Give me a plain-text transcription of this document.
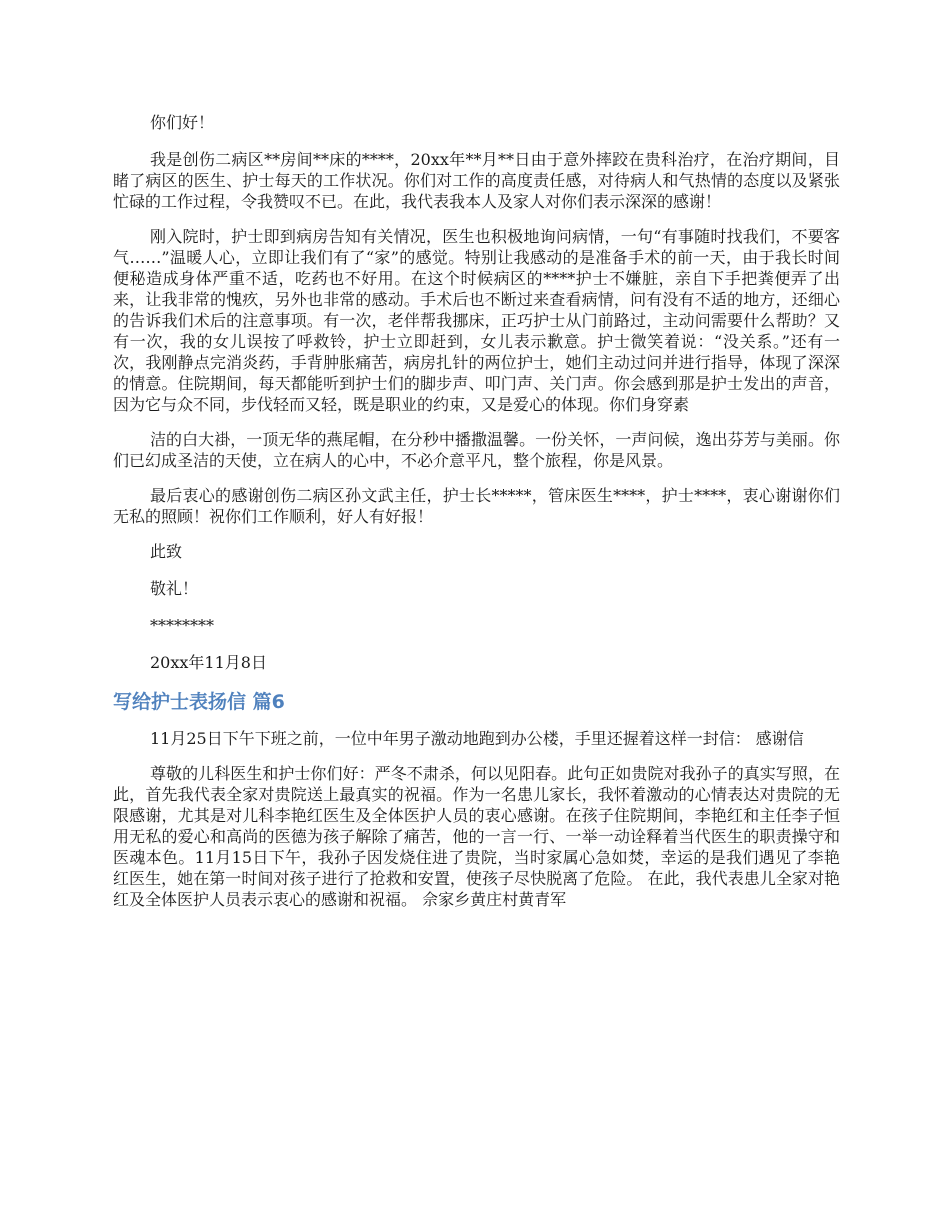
你们好！

我是创伤二病区**房间**床的****，20xx年**月**日由于意外摔跤在贵科治疗，在治疗期间，目睹了病区的医生、护士每天的工作状况。你们对工作的高度责任感，对待病人和气热情的态度以及紧张忙碌的工作过程，令我赞叹不已。在此，我代表我本人及家人对你们表示深深的感谢！

刚入院时，护士即到病房告知有关情况，医生也积极地询问病情，一句“有事随时找我们，不要客气……”温暖人心，立即让我们有了“家”的感觉。特别让我感动的是准备手术的前一天，由于我长时间便秘造成身体严重不适，吃药也不好用。在这个时候病区的****护士不嫌脏，亲自下手把粪便弄了出来，让我非常的愧疚，另外也非常的感动。手术后也不断过来查看病情，问有没有不适的地方，还细心的告诉我们术后的注意事项。有一次，老伴帮我挪床，正巧护士从门前路过，主动问需要什么帮助？又有一次，我的女儿误按了呼救铃，护士立即赶到，女儿表示歉意。护士微笑着说：“没关系。”还有一次，我刚静点完消炎药，手背肿胀痛苦，病房扎针的两位护士，她们主动过问并进行指导，体现了深深的情意。住院期间，每天都能听到护士们的脚步声、叩门声、关门声。你会感到那是护士发出的声音，因为它与众不同，步伐轻而又轻，既是职业的约束，又是爱心的体现。你们身穿素

洁的白大褂，一顶无华的燕尾帽，在分秒中播撒温馨。一份关怀，一声问候，逸出芬芳与美丽。你们已幻成圣洁的天使，立在病人的心中，不必介意平凡，整个旅程，你是风景。

最后衷心的感谢创伤二病区孙文武主任，护士长*****，管床医生****，护士****，衷心谢谢你们无私的照顾！祝你们工作顺利，好人有好报！

此致

敬礼！

********

20xx年11月8日

写给护士表扬信 篇6

11月25日下午下班之前，一位中年男子激动地跑到办公楼，手里还握着这样一封信： 感谢信

尊敬的儿科医生和护士你们好：严冬不肃杀，何以见阳春。此句正如贵院对我孙子的真实写照，在此，首先我代表全家对贵院送上最真实的祝福。作为一名患儿家长，我怀着激动的心情表达对贵院的无限感谢，尤其是对儿科李艳红医生及全体医护人员的衷心感谢。在孩子住院期间，李艳红和主任李子恒用无私的爱心和高尚的医德为孩子解除了痛苦，他的一言一行、一举一动诠释着当代医生的职责操守和医魂本色。11月15日下午，我孙子因发烧住进了贵院，当时家属心急如焚，幸运的是我们遇见了李艳红医生，她在第一时间对孩子进行了抢救和安置，使孩子尽快脱离了危险。 在此，我代表患儿全家对艳红及全体医护人员表示衷心的感谢和祝福。 佘家乡黄庄村黄青军
